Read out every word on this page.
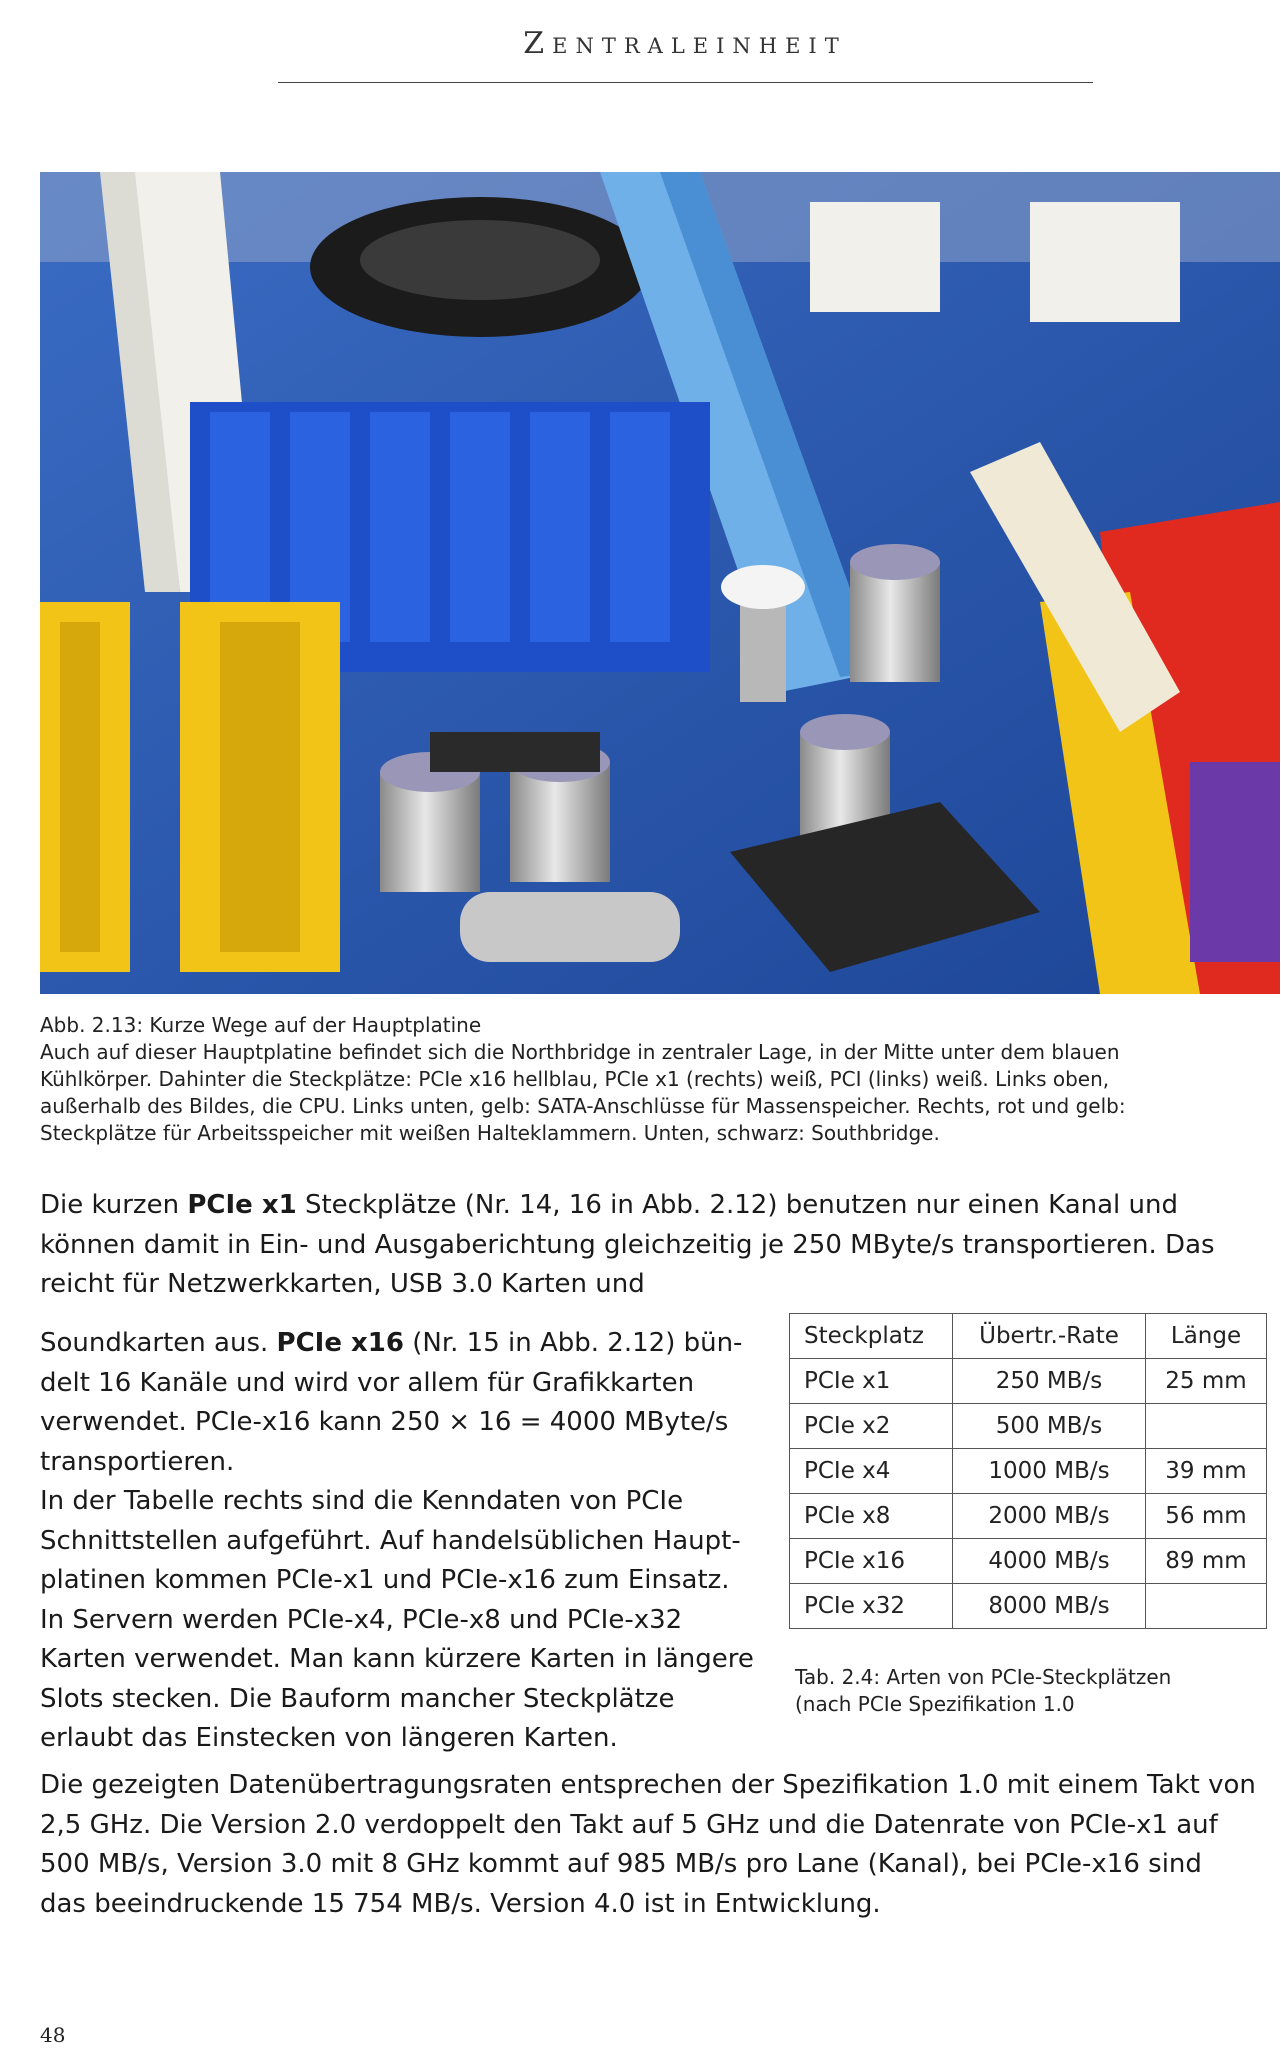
Zentraleinheit

Abb. 2.13: Kurze Wege auf der Hauptplatine

Auch auf dieser Hauptplatine befindet sich die Northbridge in zentraler Lage, in der Mitte unter dem blauen

Kühlkörper. Dahinter die Steckplätze: PCIe x16 hellblau, PCIe x1 (rechts) weiß, PCI (links) weiß. Links oben,

außerhalb des Bildes, die CPU. Links unten, gelb: SATA-Anschlüsse für Massenspeicher. Rechts, rot und gelb:

Steckplätze für Arbeitsspeicher mit weißen Halteklammern. Unten, schwarz: Southbridge.

Die kurzen PCIe x1 Steckplätze (Nr. 14, 16 in Abb. 2.12) benutzen nur einen Kanal und
können damit in Ein- und Ausgaberichtung gleichzeitig je 250 MByte/s transportieren. Das
reicht für Netzwerkkarten, USB 3.0 Karten und
Soundkarten aus. PCIe x16 (Nr. 15 in Abb. 2.12) bün-
delt 16 Kanäle und wird vor allem für Grafikkarten
verwendet. PCIe-x16 kann 250 × 16 = 4000 MByte/s
transportieren.
In der Tabelle rechts sind die Kenndaten von PCIe
Schnittstellen aufgeführt. Auf handelsüblichen Haupt-
platinen kommen PCIe-x1 und PCIe-x16 zum Einsatz.
In Servern werden PCIe-x4, PCIe-x8 und PCIe-x32
Karten verwendet. Man kann kürzere Karten in längere
Slots stecken. Die Bauform mancher Steckplätze
erlaubt das Einstecken von längeren Karten.
Steckplatz	Übertr.-Rate	Länge
PCIe x1	250 MB/s	25 mm
PCIe x2	500 MB/s	
PCIe x4	1000 MB/s	39 mm
PCIe x8	2000 MB/s	56 mm
PCIe x16	4000 MB/s	89 mm
PCIe x32	8000 MB/s	
Tab. 2.4: Arten von PCIe-Steckplätzen
(nach PCIe Spezifikation 1.0
Die gezeigten Datenübertragungsraten entsprechen der Spezifikation 1.0 mit einem Takt von
2,5 GHz. Die Version 2.0 verdoppelt den Takt auf 5 GHz und die Datenrate von PCIe-x1 auf
500 MB/s, Version 3.0 mit 8 GHz kommt auf 985 MB/s pro Lane (Kanal), bei PCIe-x16 sind
das beeindruckende 15 754 MB/s. Version 4.0 ist in Entwicklung.
48
